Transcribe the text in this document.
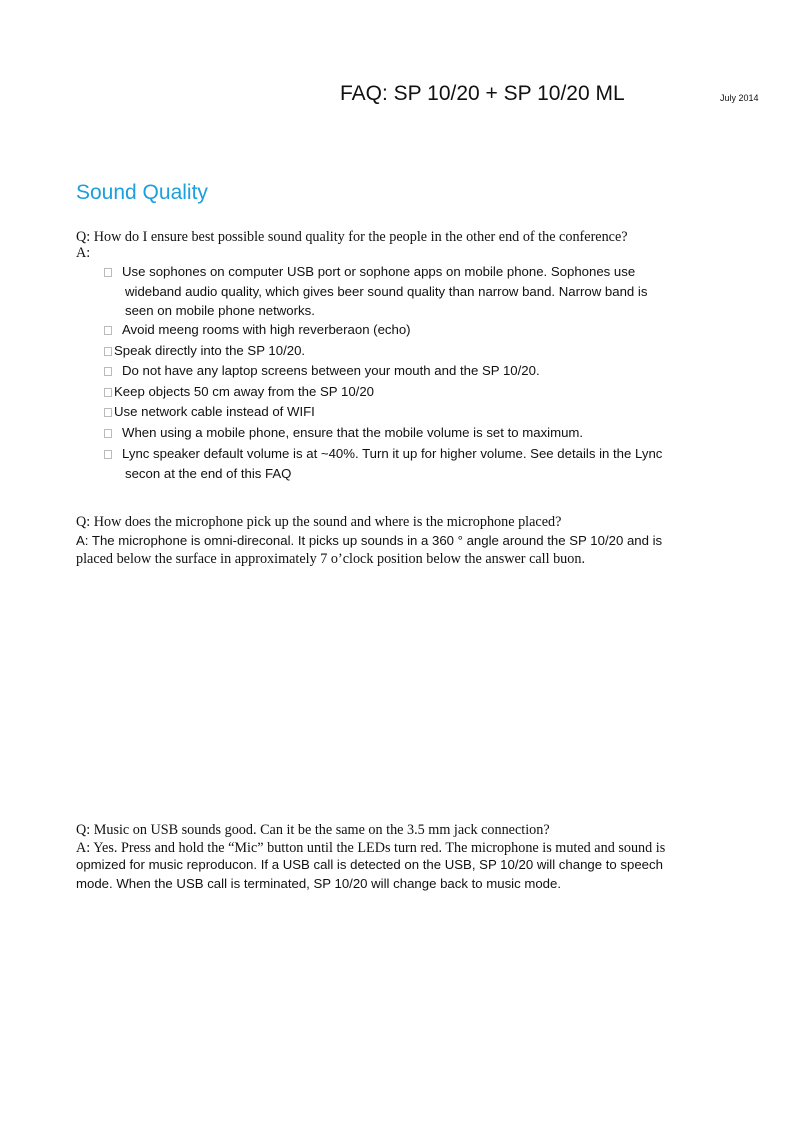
FAQ: SP 10/20 + SP 10/20 ML	July 2014
Sound Quality
Q: How do I ensure best possible sound quality for the people in the other end of the conference?
A:
Use sophones on computer USB port or sophone apps on mobile phone. Sophones use
wideband audio quality, which gives beer sound quality than narrow band. Narrow band is
seen on mobile phone networks.
Avoid meeng rooms with high reverberaon (echo)
Speak directly into the SP 10/20.
Do not have any laptop screens between your mouth and the SP 10/20.
Keep objects 50 cm away from the SP 10/20
Use network cable instead of WIFI
When using a mobile phone, ensure that the mobile volume is set to maximum.
Lync speaker default volume is at ~40%. Turn it up for higher volume. See details in the Lync
secon at the end of this FAQ
Q: How does the microphone pick up the sound and where is the microphone placed?
A: The microphone is omni-direconal. It picks up sounds in a 360 ° angle around the SP 10/20 and is
placed below the surface in approximately 7 o’clock position below the answer call buon.
Q: Music on USB sounds good. Can it be the same on the 3.5 mm jack connection?
A: Yes. Press and hold the “Mic” button until the LEDs turn red. The microphone is muted and sound is
opmized for music reproducon. If a USB call is detected on the USB, SP 10/20 will change to speech
mode. When the USB call is terminated, SP 10/20 will change back to music mode.
